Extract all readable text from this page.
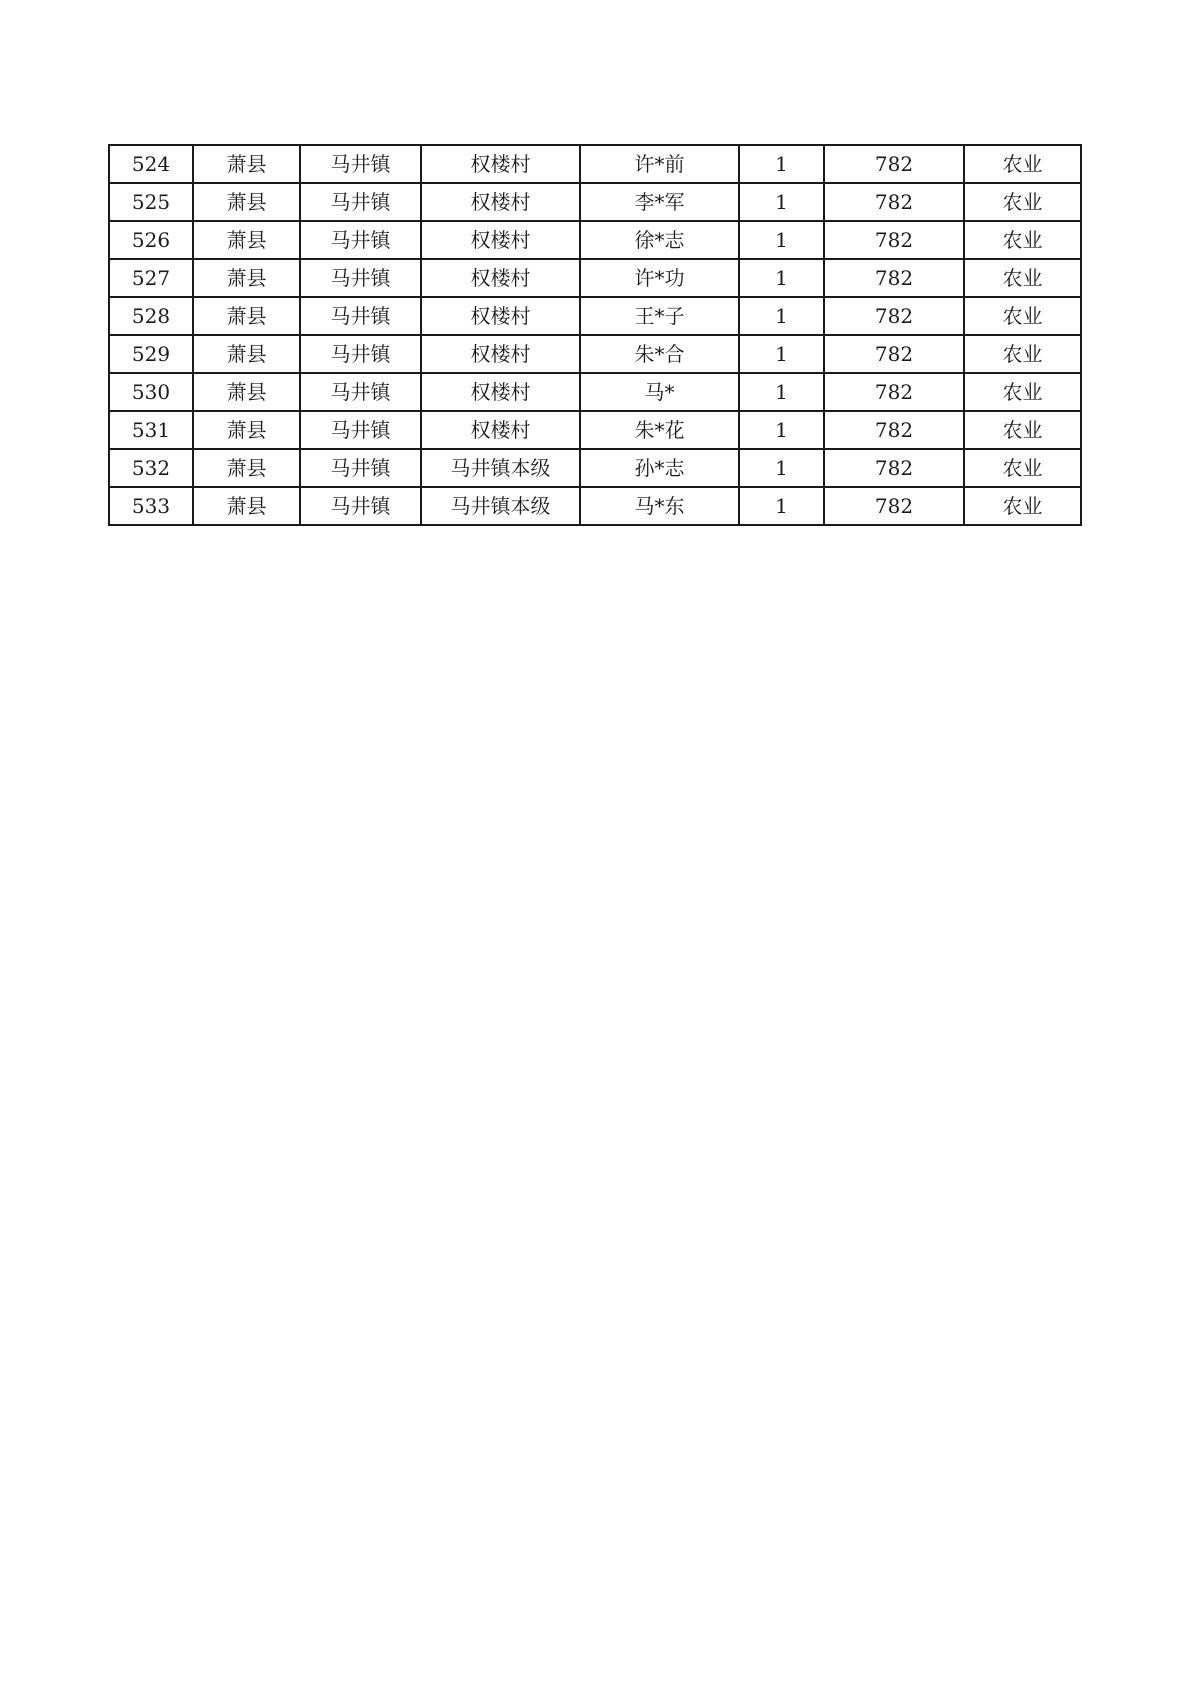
524	萧县	马井镇	权楼村	许*前	1	782	农业
525	萧县	马井镇	权楼村	李*军	1	782	农业
526	萧县	马井镇	权楼村	徐*志	1	782	农业
527	萧县	马井镇	权楼村	许*功	1	782	农业
528	萧县	马井镇	权楼村	王*子	1	782	农业
529	萧县	马井镇	权楼村	朱*合	1	782	农业
530	萧县	马井镇	权楼村	马*	1	782	农业
531	萧县	马井镇	权楼村	朱*花	1	782	农业
532	萧县	马井镇	马井镇本级	孙*志	1	782	农业
533	萧县	马井镇	马井镇本级	马*东	1	782	农业
